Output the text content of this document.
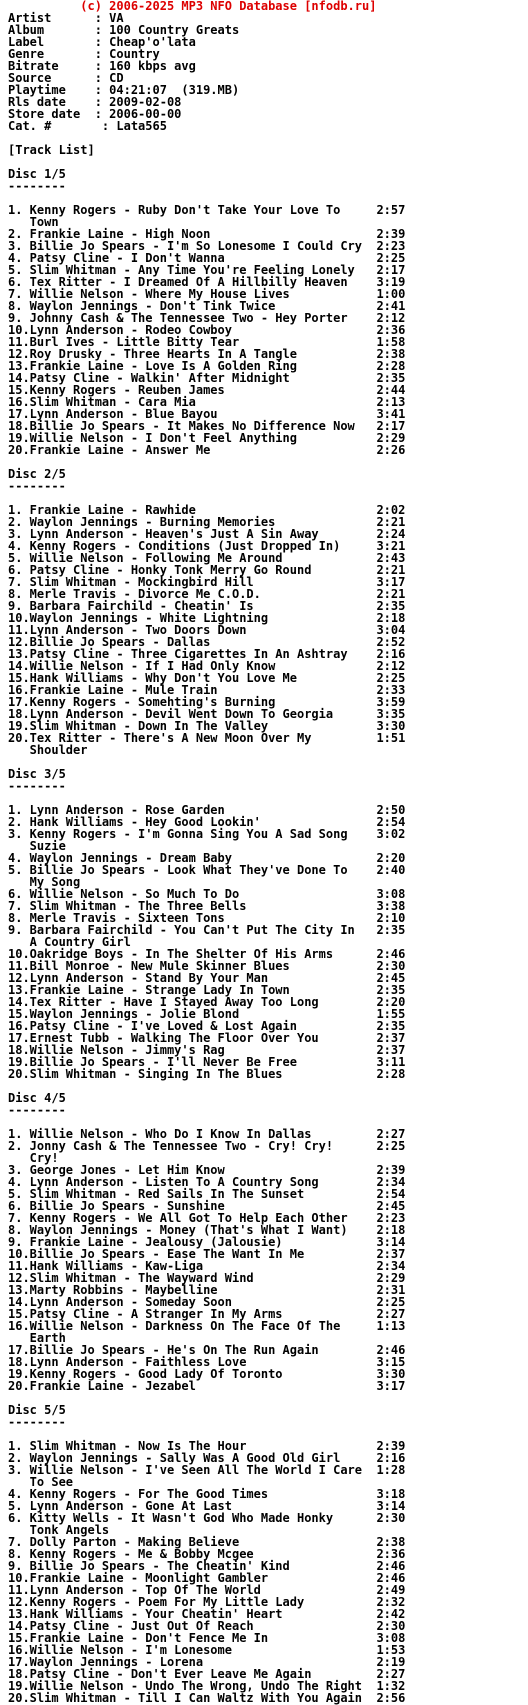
(c) 2006-2025 MP3 NFO Database [nfodb.ru]
Artist      : VA
Album       : 100 Country Greats
Label       : Cheap'o'lata
Genre       : Country
Bitrate     : 160 kbps avg
Source      : CD
Playtime    : 04:21:07  (319.MB)
Rls date    : 2009-02-08
Store date  : 2006-00-00
Cat. #       : Lata565
[Track List]
Disc 1/5
--------
1. Kenny Rogers - Ruby Don't Take Your Love To     2:57
Town
2. Frankie Laine - High Noon                       2:39
3. Billie Jo Spears - I'm So Lonesome I Could Cry  2:23
4. Patsy Cline - I Don't Wanna                     2:25
5. Slim Whitman - Any Time You're Feeling Lonely   2:17
6. Tex Ritter - I Dreamed Of A Hillbilly Heaven    3:19
7. Willie Nelson - Where My House Lives            1:00
8. Waylon Jennings - Don't Tink Twice              2:41
9. Johnny Cash & The Tennessee Two - Hey Porter    2:12
10.Lynn Anderson - Rodeo Cowboy                    2:36
11.Burl Ives - Little Bitty Tear                   1:58
12.Roy Drusky - Three Hearts In A Tangle           2:38
13.Frankie Laine - Love Is A Golden Ring           2:28
14.Patsy Cline - Walkin' After Midnight            2:35
15.Kenny Rogers - Reuben James                     2:44
16.Slim Whitman - Cara Mia                         2:13
17.Lynn Anderson - Blue Bayou                      3:41
18.Billie Jo Spears - It Makes No Difference Now   2:17
19.Willie Nelson - I Don't Feel Anything           2:29
20.Frankie Laine - Answer Me                       2:26
Disc 2/5
--------
1. Frankie Laine - Rawhide                         2:02
2. Waylon Jennings - Burning Memories              2:21
3. Lynn Anderson - Heaven's Just A Sin Away        2:24
4. Kenny Rogers - Conditions (Just Dropped In)     3:21
5. Willie Nelson - Following Me Around             2:43
6. Patsy Cline - Honky Tonk Merry Go Round         2:21
7. Slim Whitman - Mockingbird Hill                 3:17
8. Merle Travis - Divorce Me C.O.D.                2:21
9. Barbara Fairchild - Cheatin' Is                 2:35
10.Waylon Jennings - White Lightning               2:18
11.Lynn Anderson - Two Doors Down                  3:04
12.Billie Jo Spears - Dallas                       2:52
13.Patsy Cline - Three Cigarettes In An Ashtray    2:16
14.Willie Nelson - If I Had Only Know              2:12
15.Hank Williams - Why Don't You Love Me           2:25
16.Frankie Laine - Mule Train                      2:33
17.Kenny Rogers - Somehting's Burning              3:59
18.Lynn Anderson - Devil Went Down To Georgia      3:35
19.Slim Whitman - Down In The Valley               3:30
20.Tex Ritter - There's A New Moon Over My         1:51
Shoulder
Disc 3/5
--------
1. Lynn Anderson - Rose Garden                     2:50
2. Hank Williams - Hey Good Lookin'                2:54
3. Kenny Rogers - I'm Gonna Sing You A Sad Song    3:02
Suzie
4. Waylon Jennings - Dream Baby                    2:20
5. Billie Jo Spears - Look What They've Done To    2:40
My Song
6. Willie Nelson - So Much To Do                   3:08
7. Slim Whitman - The Three Bells                  3:38
8. Merle Travis - Sixteen Tons                     2:10
9. Barbara Fairchild - You Can't Put The City In   2:35
A Country Girl
10.Oakridge Boys - In The Shelter Of His Arms      2:46
11.Bill Monroe - New Mule Skinner Blues            2:30
12.Lynn Anderson - Stand By Your Man               2:45
13.Frankie Laine - Strange Lady In Town            2:35
14.Tex Ritter - Have I Stayed Away Too Long        2:20
15.Waylon Jennings - Jolie Blond                   1:55
16.Patsy Cline - I've Loved & Lost Again           2:35
17.Ernest Tubb - Walking The Floor Over You        2:37
18.Willie Nelson - Jimmy's Rag                     2:37
19.Billie Jo Spears - I'll Never Be Free           3:11
20.Slim Whitman - Singing In The Blues             2:28
Disc 4/5
--------
1. Willie Nelson - Who Do I Know In Dallas         2:27
2. Jonny Cash & The Tennessee Two - Cry! Cry!      2:25
Cry!
3. George Jones - Let Him Know                     2:39
4. Lynn Anderson - Listen To A Country Song        2:34
5. Slim Whitman - Red Sails In The Sunset          2:54
6. Billie Jo Spears - Sunshine                     2:45
7. Kenny Rogers - We All Got To Help Each Other    2:23
8. Waylon Jennings - Money (That's What I Want)    2:18
9. Frankie Laine - Jealousy (Jalousie)             3:14
10.Billie Jo Spears - Ease The Want In Me          2:37
11.Hank Williams - Kaw-Liga                        2:34
12.Slim Whitman - The Wayward Wind                 2:29
13.Marty Robbins - Maybelline                      2:31
14.Lynn Anderson - Someday Soon                    2:25
15.Patsy Cline - A Stranger In My Arms             2:27
16.Willie Nelson - Darkness On The Face Of The     1:13
Earth
17.Billie Jo Spears - He's On The Run Again        2:46
18.Lynn Anderson - Faithless Love                  3:15
19.Kenny Rogers - Good Lady Of Toronto             3:30
20.Frankie Laine - Jezabel                         3:17
Disc 5/5
--------
1. Slim Whitman - Now Is The Hour                  2:39
2. Waylon Jennings - Sally Was A Good Old Girl     2:16
3. Willie Nelson - I've Seen All The World I Care  1:28
To See
4. Kenny Rogers - For The Good Times               3:18
5. Lynn Anderson - Gone At Last                    3:14
6. Kitty Wells - It Wasn't God Who Made Honky      2:30
Tonk Angels
7. Dolly Parton - Making Believe                   2:38
8. Kenny Rogers - Me & Bobby Mcgee                 2:36
9. Billie Jo Spears - The Cheatin' Kind            2:46
10.Frankie Laine - Moonlight Gambler               2:46
11.Lynn Anderson - Top Of The World                2:49
12.Kenny Rogers - Poem For My Little Lady          2:32
13.Hank Williams - Your Cheatin' Heart             2:42
14.Patsy Cline - Just Out Of Reach                 2:30
15.Frankie Laine - Don't Fence Me In               3:08
16.Willie Nelson - I'm Lonesome                    1:53
17.Waylon Jennings - Lorena                        2:19
18.Patsy Cline - Don't Ever Leave Me Again         2:27
19.Willie Nelson - Undo The Wrong, Undo The Right  1:32
20.Slim Whitman - Till I Can Waltz With You Again  2:56
